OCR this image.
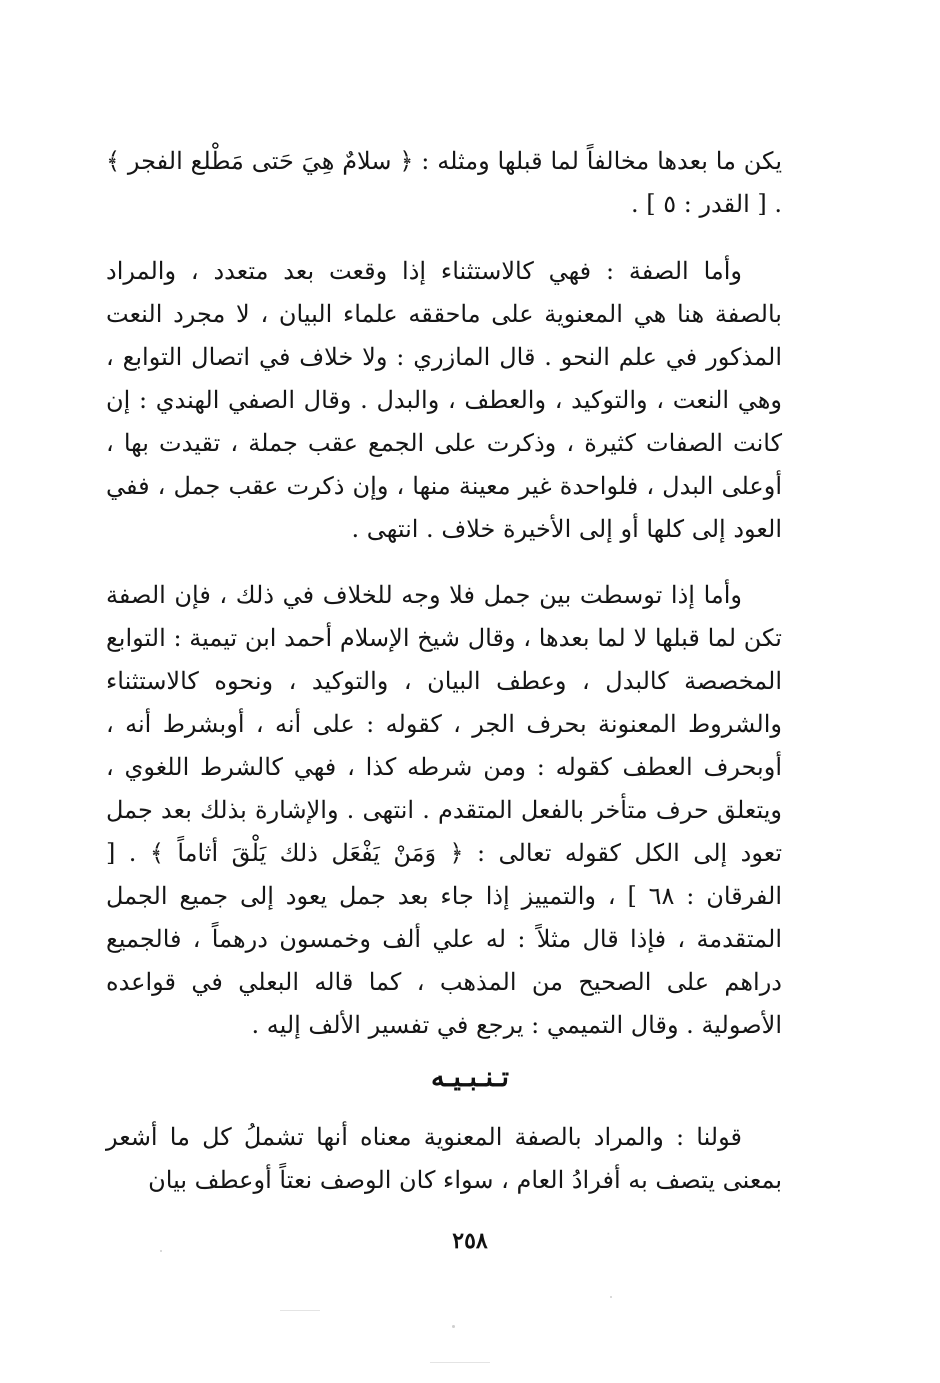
يكن ما بعدها مخالفاً لما قبلها ومثله : ﴿ سلامٌ هِيَ حَتى مَطْلع الفجر ﴾ . [ القدر : ٥ ] .

وأما الصفة : فهي كالاستثناء إذا وقعت بعد متعدد ، والمراد بالصفة هنا هي المعنوية على ماحققه علماء البيان ، لا مجرد النعت المذكور في علم النحو . قال المازري : ولا خلاف في اتصال التوابع ، وهي النعت ، والتوكيد ، والعطف ، والبدل . وقال الصفي الهندي : إن كانت الصفات كثيرة ، وذكرت على الجمع عقب جملة ، تقيدت بها ، أوعلى البدل ، فلواحدة غير معينة منها ، وإن ذكرت عقب جمل ، ففي العود إلى كلها أو إلى الأخيرة خلاف . انتهى .

وأما إذا توسطت بين جمل فلا وجه للخلاف في ذلك ، فإن الصفة تكن لما قبلها لا لما بعدها ، وقال شيخ الإسلام أحمد ابن تيمية : التوابع المخصصة كالبدل ، وعطف البيان ، والتوكيد ، ونحوه كالاستثناء والشروط المعنونة بحرف الجر ، كقوله : على أنه ، أوبشرط أنه ، أوبحرف العطف كقوله : ومن شرطه كذا ، فهي كالشرط اللغوي ، ويتعلق حرف متأخر بالفعل المتقدم . انتهى . والإشارة بذلك بعد جمل تعود إلى الكل كقوله تعالى : ﴿ وَمَنْ يَفْعَل ذلك يَلْقَ أثاماً ﴾ . [ الفرقان : ٦٨ ] ، والتمييز إذا جاء بعد جمل يعود إلى جميع الجمل المتقدمة ، فإذا قال مثلاً : له علي ألف وخمسون درهماً ، فالجميع دراهم على الصحيح من المذهب ، كما قاله البعلي في قواعده الأصولية . وقال التميمي : يرجع في تفسير الألف إليه .

تـنـبـيـه

قولنا : والمراد بالصفة المعنوية معناه أنها تشملُ كل ما أشعر بمعنى يتصف به أفرادُ العام ، سواء كان الوصف نعتاً أوعطف بيان

٢٥٨
